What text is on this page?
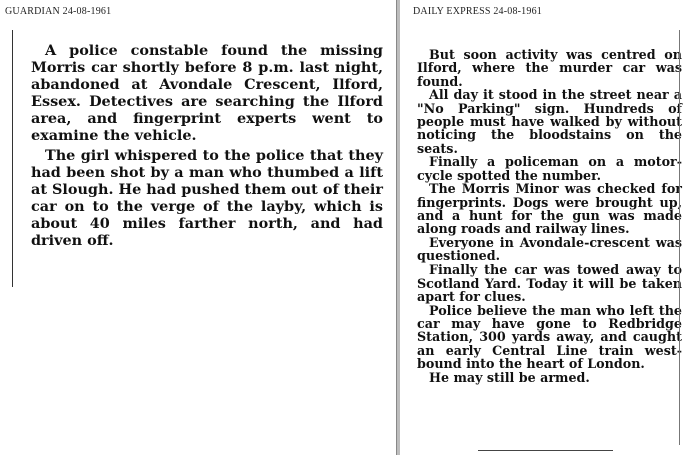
GUARDIAN 24-08-1961

A police constable found the missing Morris car shortly before 8 p.m. last night, abandoned at Avondale Crescent, Ilford, Essex. Detectives are searching the Ilford area, and fingerprint experts went to examine the vehicle.

The girl whispered to the police that they had been shot by a man who thumbed a lift at Slough. He had pushed them out of their car on to the verge of the layby, which is about 40 miles farther north, and had driven off.

DAILY EXPRESS 24-08-1961

But soon activity was centred on Ilford, where the murder car was found.

All day it stood in the street near a "No Parking" sign. Hundreds of people must have walked by without noticing the bloodstains on the seats.

Finally a policeman on a motor-cycle spotted the number.

The Morris Minor was checked for fingerprints. Dogs were brought up, and a hunt for the gun was made along roads and railway lines.

Everyone in Avondale-crescent was questioned.

Finally the car was towed away to Scotland Yard. Today it will be taken apart for clues.

Police believe the man who left the car may have gone to Redbridge Station, 300 yards away, and caught an early Central Line train west-bound into the heart of London.

He may still be armed.
